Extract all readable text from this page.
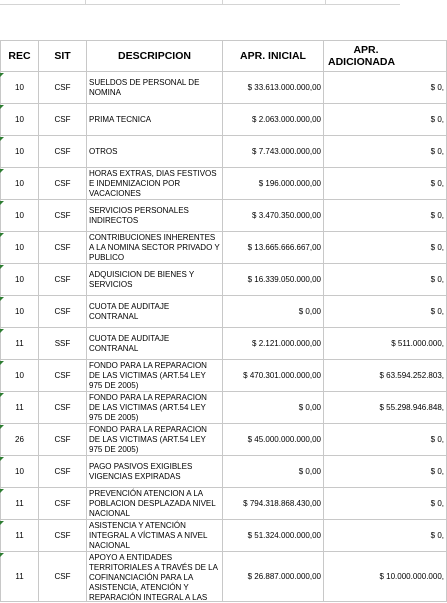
REC	SIT	DESCRIPCION	APR. INICIAL	APR.
ADICIONADA

10	CSF	SUELDOS DE PERSONAL DE NOMINA	$ 33.613.000.000,00	$ 0,
10	CSF	PRIMA TECNICA	$ 2.063.000.000,00	$ 0,
10	CSF	OTROS	$ 7.743.000.000,00	$ 0,
10	CSF	HORAS EXTRAS, DIAS FESTIVOS E INDEMNIZACION POR VACACIONES	$ 196.000.000,00	$ 0,
10	CSF	SERVICIOS PERSONALES INDIRECTOS	$ 3.470.350.000,00	$ 0,
10	CSF	CONTRIBUCIONES INHERENTES A LA NOMINA SECTOR PRIVADO Y PUBLICO	$ 13.665.666.667,00	$ 0,
10	CSF	ADQUISICION DE BIENES Y SERVICIOS	$ 16.339.050.000,00	$ 0,
10	CSF	CUOTA DE AUDITAJE CONTRANAL	$ 0,00	$ 0,
11	SSF	CUOTA DE AUDITAJE CONTRANAL	$ 2.121.000.000,00	$ 511.000.000,
10	CSF	FONDO PARA LA REPARACION DE LAS VICTIMAS (ART.54 LEY 975 DE 2005)	$ 470.301.000.000,00	$ 63.594.252.803,
11	CSF	FONDO PARA LA REPARACION DE LAS VICTIMAS (ART.54 LEY 975 DE 2005)	$ 0,00	$ 55.298.946.848,
26	CSF	FONDO PARA LA REPARACION DE LAS VICTIMAS (ART.54 LEY 975 DE 2005)	$ 45.000.000.000,00	$ 0,
10	CSF	PAGO PASIVOS EXIGIBLES VIGENCIAS EXPIRADAS	$ 0,00	$ 0,
11	CSF	PREVENCIÓN ATENCION A LA POBLACION DESPLAZADA NIVEL NACIONAL	$ 794.318.868.430,00	$ 0,
11	CSF	ASISTENCIA Y ATENCIÓN INTEGRAL A VÍCTIMAS A NIVEL NACIONAL	$ 51.324.000.000,00	$ 0,
11	CSF	APOYO A ENTIDADES TERRITORIALES A TRAVÉS DE LA COFINANCIACIÓN PARA LA ASISTENCIA, ATENCIÓN Y REPARACIÓN INTEGRAL A LAS	$ 26.887.000.000,00	$ 10.000.000.000,
